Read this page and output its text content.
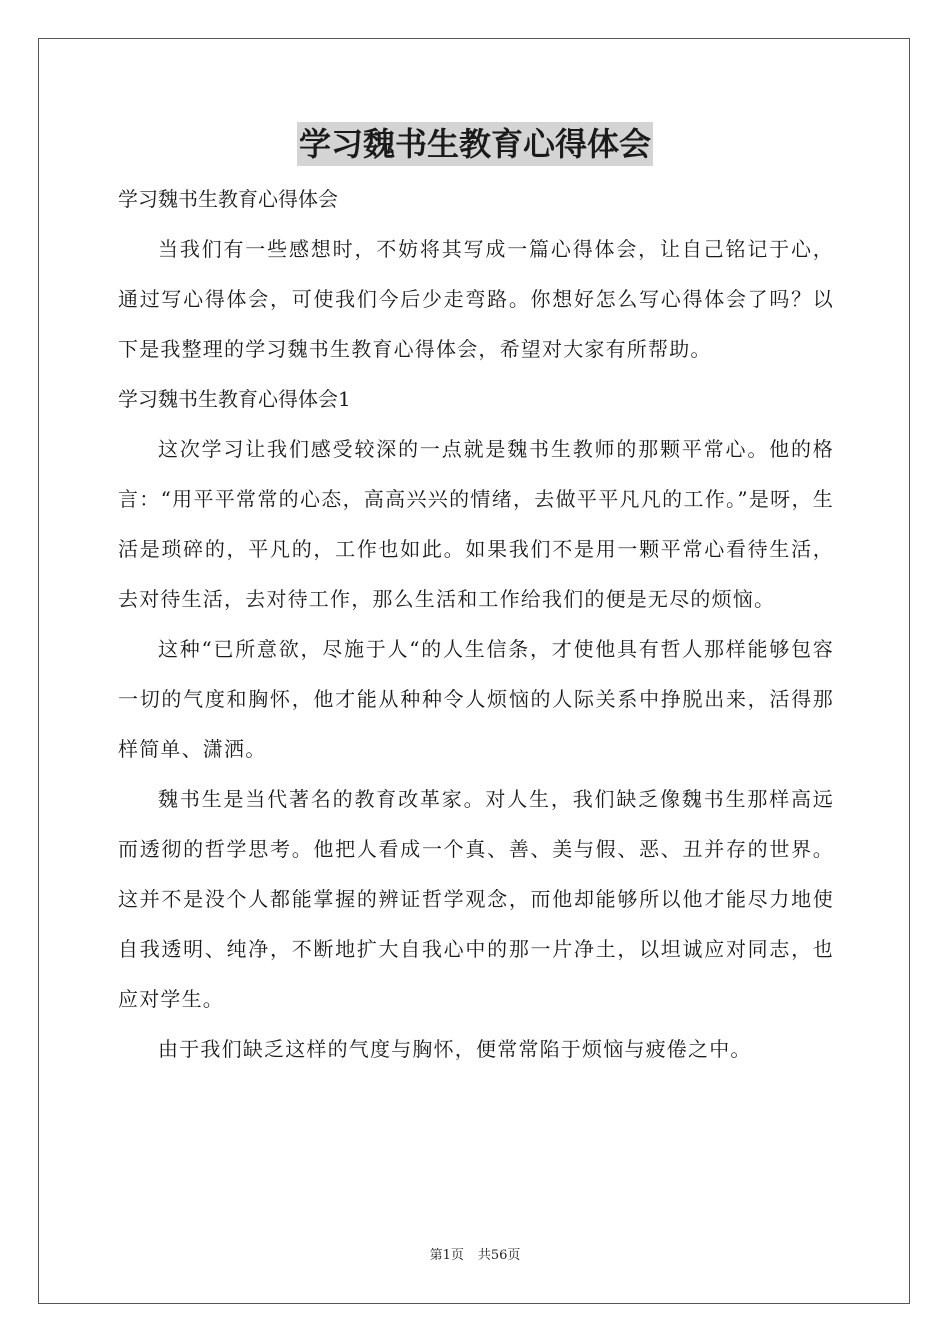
学习魏书生教育心得体会

学习魏书生教育心得体会

当我们有一些感想时，不妨将其写成一篇心得体会，让自己铭记于心，通过写心得体会，可使我们今后少走弯路。你想好怎么写心得体会了吗？以下是我整理的学习魏书生教育心得体会，希望对大家有所帮助。

学习魏书生教育心得体会1

这次学习让我们感受较深的一点就是魏书生教师的那颗平常心。他的格言：“用平平常常的心态，高高兴兴的情绪，去做平平凡凡的工作。”是呀，生活是琐碎的，平凡的，工作也如此。如果我们不是用一颗平常心看待生活，去对待生活，去对待工作，那么生活和工作给我们的便是无尽的烦恼。

这种“已所意欲，尽施于人“的人生信条，才使他具有哲人那样能够包容一切的气度和胸怀，他才能从种种令人烦恼的人际关系中挣脱出来，活得那样简单、潇洒。

魏书生是当代著名的教育改革家。对人生，我们缺乏像魏书生那样高远而透彻的哲学思考。他把人看成一个真、善、美与假、恶、丑并存的世界。这并不是没个人都能掌握的辨证哲学观念，而他却能够所以他才能尽力地使自我透明、纯净，不断地扩大自我心中的那一片净土，以坦诚应对同志，也应对学生。

由于我们缺乏这样的气度与胸怀，便常常陷于烦恼与疲倦之中。

第1页 共56页
